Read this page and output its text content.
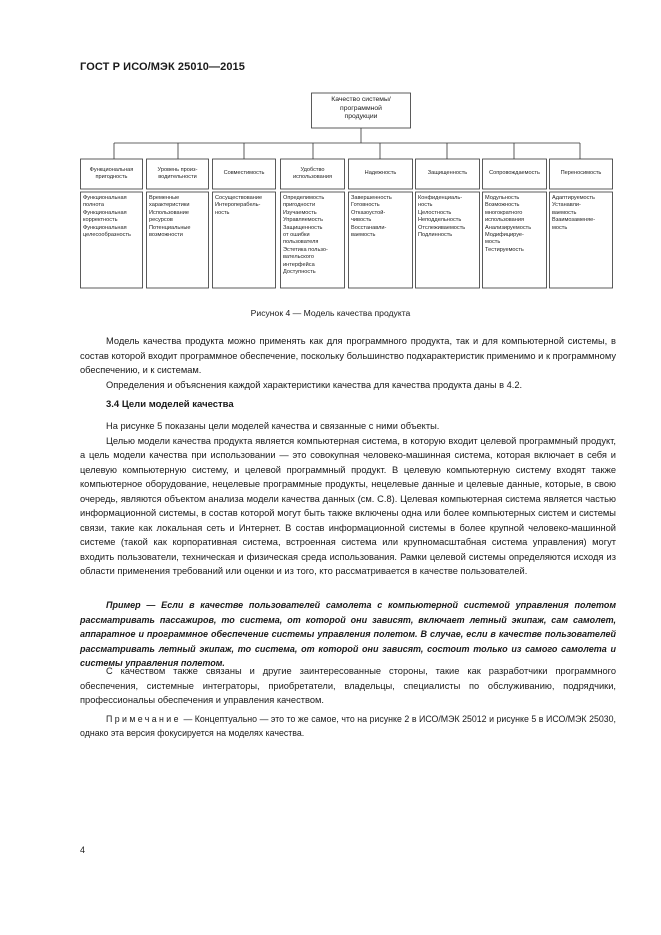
ГОСТ Р ИСО/МЭК 25010—2015
Качество системы/
программной
продукции
Функциональная
пригодность
Уровень произ-
водительности
Совместимость
Удобство
использования
Надежность	Защищенность	Сопровождаемость	Переносимость
Функциональная
полнота
Функциональная
корректность
Функциональная
целесообразность
Временные
характеристики
Использование
ресурсов
Потенциальные
возможности
Сосуществование
Интероперабель-
ность
Определимость
пригодности
Изучаемость
Управляемость
Защищенность
от ошибки
пользователя
Эстетика пользо-
вательского
интерфейса
Доступность
Завершенность
Готовность
Отказоустой-
чивость
Восстанавли-
ваемость
Конфиденциаль-
ность
Целостность
Неподдельность
Отслеживаемость
Подлинность
Модульность
Возможность
многократного
использования
Анализируемость
Модифицируе-
мость
Тестируемость
Адаптируемость
Устанавли-
ваемость
Взаимозаменяе-
мость
Рисунок 4 — Модель качества продукта

Модель качества продукта можно применять как для программного продукта, так и для компьютерной системы, в состав которой входит программное обеспечение, поскольку большинство подхарактеристик применимо и к программному обеспечению, и к системам.

Определения и объяснения каждой характеристики качества для качества продукта даны в 4.2.

3.4 Цели моделей качества

На рисунке 5 показаны цели моделей качества и связанные с ними объекты.

Целью модели качества продукта является компьютерная система, в которую входит целевой программный продукт, а цель модели качества при использовании — это совокупная человеко-машинная система, которая включает в себя и целевую компьютерную систему, и целевой программный продукт. В целевую компьютерную систему входят также компьютерное оборудование, нецелевые программные продукты, нецелевые данные и целевые данные, которые, в свою очередь, являются объектом анализа модели качества данных (см. С.8). Целевая компьютерная система является частью информационной системы, в состав которой могут быть также включены одна или более компьютерных систем и системы связи, такие как локальная сеть и Интернет. В состав информационной системы в более крупной человеко-машинной системе (такой как корпоративная система, встроенная система или крупномасштабная система управления) могут входить пользователи, техническая и физическая среда использования. Рамки целевой системы определяются исходя из области применения требований или оценки и из того, кто рассматривается в качестве пользователей.

Пример — Если в качестве пользователей самолета с компьютерной системой управления полетом рассматривать пассажиров, то система, от которой они зависят, включает летный экипаж, сам самолет, аппаратное и программное обеспечение системы управления полетом. В случае, если в качестве пользователей рассматривать летный экипаж, то система, от которой они зависят, состоит только из самого самолета и системы управления полетом.

С качеством также связаны и другие заинтересованные стороны, такие как разработчики программного обеспечения, системные интеграторы, приобретатели, владельцы, специалисты по обслуживанию, подрядчики, профессиональы обеспечения и управления качеством.

Примечание — Концептуально — это то же самое, что на рисунке 2 в ИСО/МЭК 25012 и рисунке 5 в ИСО/МЭК 25030, однако эта версия фокусируется на моделях качества.

4
